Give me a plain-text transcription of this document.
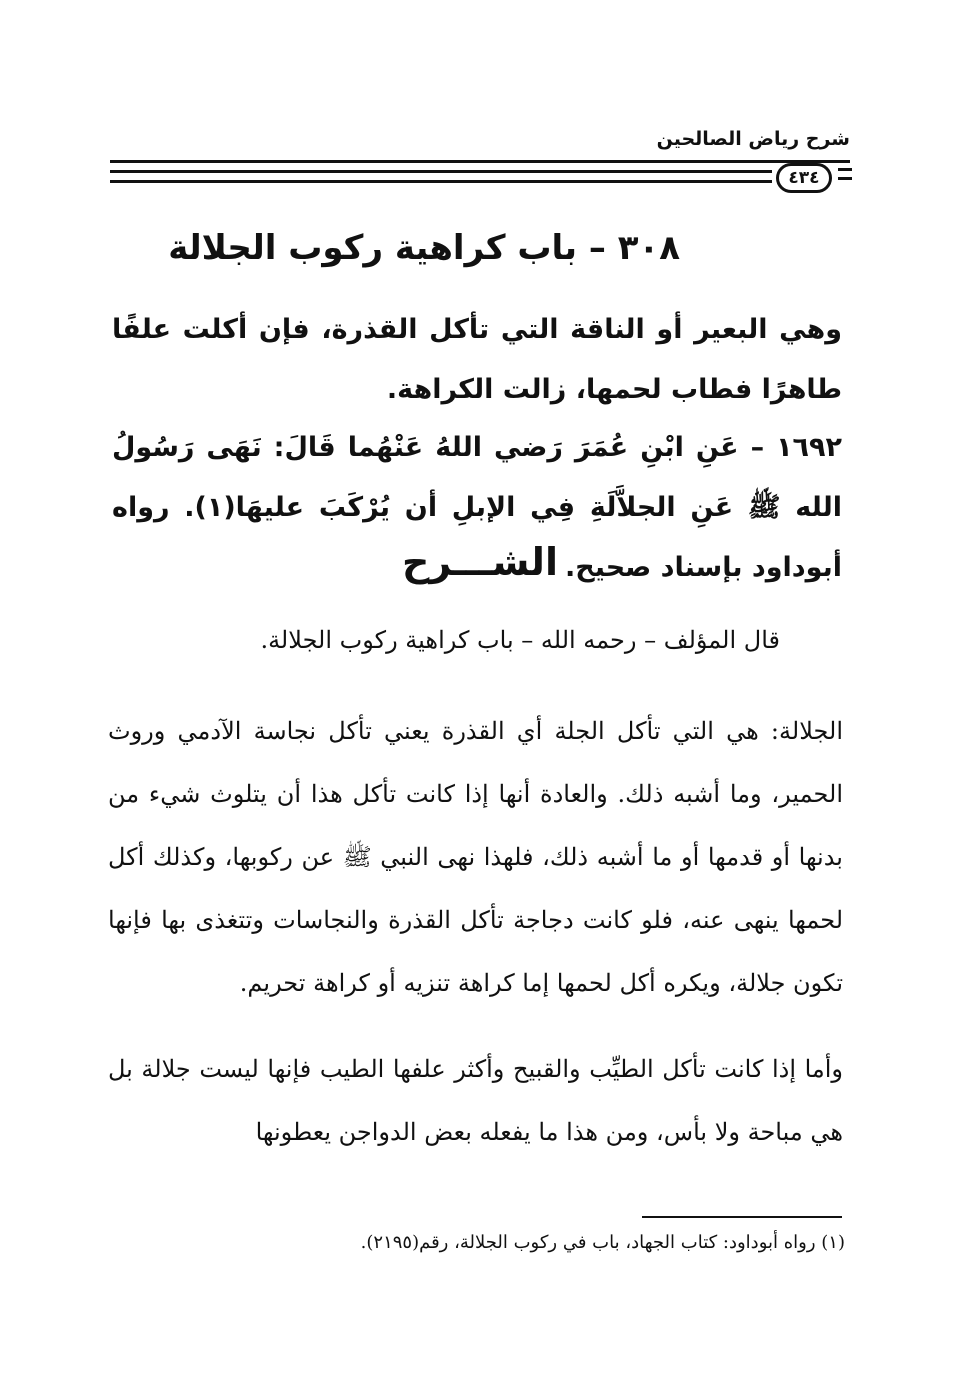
شرح رياض الصالحين
٤٣٤
٣٠٨ – باب كراهية ركوب الجلالة
وهي البعير أو الناقة التي تأكل القذرة، فإن أكلت علفًا طاهرًا فطاب لحمها، زالت الكراهة.
١٦٩٢ – عَنِ ابْنِ عُمَرَ رَضي اللهُ عَنْهُما قَالَ: نَهَى رَسُولُ الله ﷺ عَنِ الجلاَّلَةِ فِي الإبلِ أن يُرْكَبَ عليهَا(١). رواه أبوداود بإسناد صحيح.
الشـــرح
قال المؤلف – رحمه الله – باب كراهية ركوب الجلالة.
الجلالة: هي التي تأكل الجلة أي القذرة يعني تأكل نجاسة الآدمي وروث الحمير، وما أشبه ذلك. والعادة أنها إذا كانت تأكل هذا أن يتلوث شيء من بدنها أو قدمها أو ما أشبه ذلك، فلهذا نهى النبي ﷺ عن ركوبها، وكذلك أكل لحمها ينهى عنه، فلو كانت دجاجة تأكل القذرة والنجاسات وتتغذى بها فإنها تكون جلالة، ويكره أكل لحمها إما كراهة تنزيه أو كراهة تحريم.
وأما إذا كانت تأكل الطيِّب والقبيح وأكثر علفها الطيب فإنها ليست جلالة بل هي مباحة ولا بأس، ومن هذا ما يفعله بعض الدواجن يعطونها
(١) رواه أبوداود: كتاب الجهاد، باب في ركوب الجلالة، رقم(٢١٩٥).
